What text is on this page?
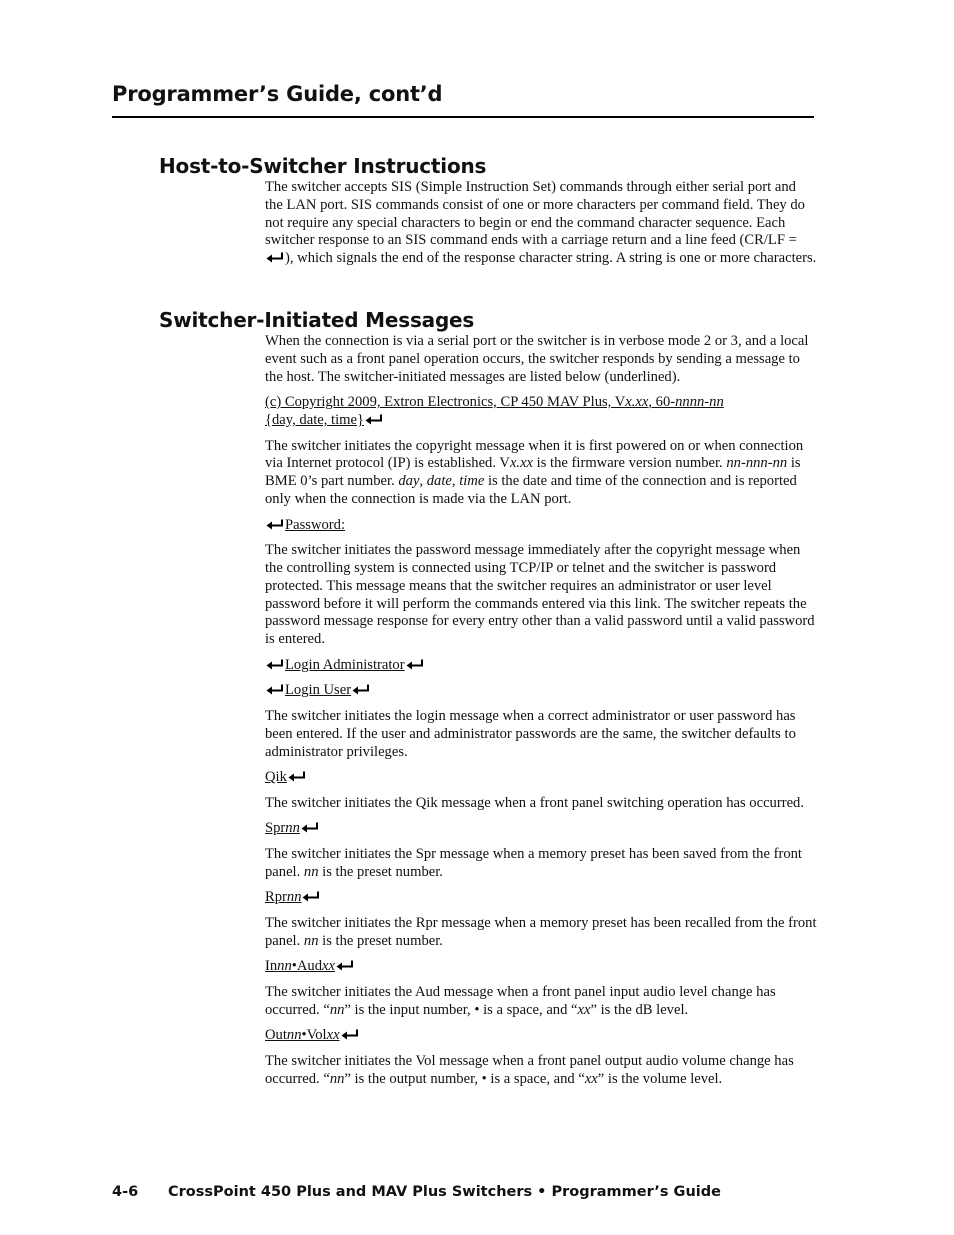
Programmer’s Guide, cont’d
Host-to-Switcher Instructions

The switcher accepts SIS (Simple Instruction Set) commands through either serial port and the LAN port. SIS commands consist of one or more characters per command field. They do not require any special characters to begin or end the command character sequence. Each switcher response to an SIS command ends with a carriage return and a line feed (CR/LF = ), which signals the end of the response character string. A string is one or more characters.

Switcher-Initiated Messages

When the connection is via a serial port or the switcher is in verbose mode 2 or 3, and a local event such as a front panel operation occurs, the switcher responds by sending a message to the host. The switcher-initiated messages are listed below (underlined).

(c) Copyright 2009, Extron Electronics, CP 450 MAV Plus, Vx.xx, 60-nnnn-nn
{day, date, time}

The switcher initiates the copyright message when it is first powered on or when connection via Internet protocol (IP) is established. Vx.xx is the firmware version number. nn-nnn-nn is BME 0’s part number. day, date, time is the date and time of the connection and is reported only when the connection is made via the LAN port.

Password:

The switcher initiates the password message immediately after the copyright message when the controlling system is connected using TCP/IP or telnet and the switcher is password protected. This message means that the switcher requires an administrator or user level password before it will perform the commands entered via this link. The switcher repeats the password message response for every entry other than a valid password until a valid password is entered.

Login Administrator

Login User

The switcher initiates the login message when a correct administrator or user password has been entered. If the user and administrator passwords are the same, the switcher defaults to administrator privileges.

Qik

The switcher initiates the Qik message when a front panel switching operation has occurred.

Sprnn

The switcher initiates the Spr message when a memory preset has been saved from the front panel. nn is the preset number.

Rprnn

The switcher initiates the Rpr message when a memory preset has been recalled from the front panel. nn is the preset number.

Innn•Audxx

The switcher initiates the Aud message when a front panel input audio level change has occurred. “nn” is the input number, • is a space, and “xx” is the dB level.

Outnn•Volxx

The switcher initiates the Vol message when a front panel output audio volume change has occurred. “nn” is the output number, • is a space, and “xx” is the volume level.

4-6 CrossPoint 450 Plus and MAV Plus Switchers • Programmer’s Guide
